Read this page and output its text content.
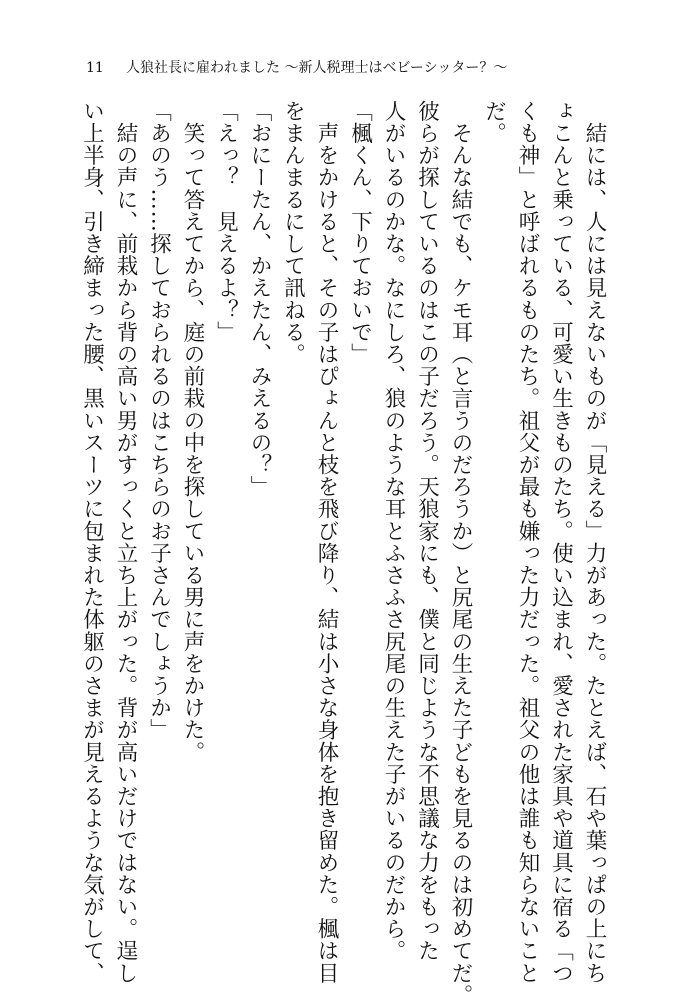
11 人狼社長に雇われました 〜新人税理士はベビーシッター？〜
　結には、人には見えないものが「見える」力があった。たとえば、石や葉っぱの上にち
ょこんと乗っている、可愛い生きものたち。使い込まれ、愛された家具や道具に宿る「つ
くも神」と呼ばれるものたち。祖父が最も嫌った力だった。祖父の他は誰も知らないこと
だ。
　そんな結でも、ケモ耳（と言うのだろうか）と尻尾の生えた子どもを見るのは初めてだ。
彼らが探しているのはこの子だろう。天狼家にも、僕と同じような不思議な力をもった
人がいるのかな。なにしろ、狼のような耳とふさふさ尻尾の生えた子がいるのだから。
「楓くん、下りておいで」
　声をかけると、その子はぴょんと枝を飛び降り、結は小さな身体を抱き留めた。楓は目
をまんまるにして訊ねる。
「おにーたん、かえたん、みえるの？」
「えっ？　見えるよ？」
　笑って答えてから、庭の前栽の中を探している男に声をかけた。
「あのう……探しておられるのはこちらのお子さんでしょうか」
　結の声に、前栽から背の高い男がすっくと立ち上がった。背が高いだけではない。逞し
い上半身、引き締まった腰、黒いスーツに包まれた体躯のさまが見えるような気がして、
